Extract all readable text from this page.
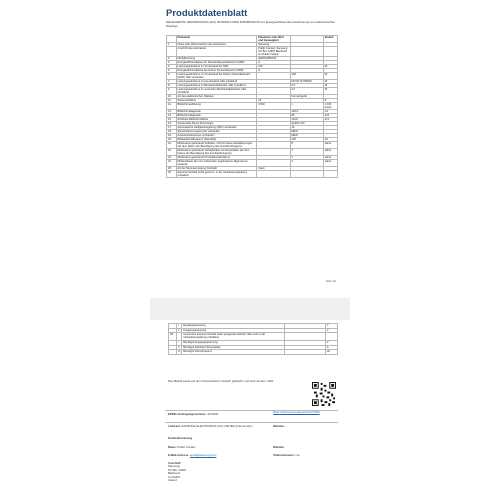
Produktdatenblatt
DELEGIERTE VERORDNUNG (EU) 2019/2013 DER KOMMISSION zur Energieeffizienzkennzeichnung von elektronischen Displays
	Parameter	Parameter oder Wert und Genauigkeit		Einheit
1.	Name oder Warenzeichen des Lieferanten	Samsung		
	Anschrift des Lieferanten	Public Contact, Samsung PO Box 12987 Blackrock Co Dublin Ireland		
2.	Modellkennung	QE65QN85AAT		
3.	Energieeffizienzklasse für Standarddynamikbereich (SDR)	G		
4.	Leistungsaufnahme im On-Zustand bei SDR	102		W
5.	Energieeffizienzklasse bei hohem Dynamikbereich (HDR)	G		
6.	Leistungsaufnahme im On-Zustand bei hohem Dynamikbereich (HDR), falls vorhanden		190	W
7.	Leistungsaufnahme im Aus-Zustand, falls zutreffend		NICHT ZUTREFF	W
8.	Leistungsaufnahme im Bereitschaftsbetrieb, falls zutreffend		0,5	W
9.	Leistungsaufnahme im vernetzten Bereitschaftsbetrieb, falls zutreffend		2,0	W
10.	Art des elektronischen Displays		Fernsehgerät	
11.	Seitenverhältnis	16	:	9
12.	Bildschirmauflösung	3 840	x	2 160 pixels
13.	Bildschirmdiagonale		163,9	cm
14.	Bildschirmdiagonale		65	Zoll
15.	Sichtbare Bildschirmfläche		114,8	dm²
16.	Verwendete Panel-Technologie		QLED LCD	
17.	Automatische Helligkeitsregelung (ABC) vorhanden		JA	
18.	Spracherkennungssensor vorhanden		NEIN	
19.	Anwesenheitssensor vorhanden		NEIN	
20.	Bildwiederholfrequenz (Standard)		120	Hz
21.	Mindestens garantierte Software- und Firmware-Aktualisierungen (ab dem Datum der Beendigung des Inverkehrbringens):		8	Jahre
22.	Mindestens garantierte Verfügbarkeit von Ersatzteilen (ab dem Datum der Beendigung des Inverkehrbringens):		7	Jahre
23.	Mindestens garantierter Produktkundendienst		7	Jahre
24.	Mindestdauer der vom Lieferanten angebotenen allgemeinen Garantie		2	Jahre
25.	Art der Stromversorgung (Netzteil)	Intern		
26.	Externes Netzteil (nicht genormt, in der Verkaufsverpackung enthalten)			
Seite 1/2
	i	Eingangsspannung		V
	ii	Ausgangsspannung		V
28.		Genormtes externes Netzteil (oder geeignetes Netzteil, falls nicht in der Verkaufsverpackung enthalten)		
	i	Benötigte Ausgangsspannung		V
	ii	Benötigte lieferbare Stromstärke		A
	iii	Benötigte Stromfrequenz		Hz
Das Modell wurde auf dem Unionsmarkt in Verkehr gebracht, und zwar ab dem: 2021
EPREL-Eintragungsnummer: 1472293	https://eprel.ec.europa.eu/qr/1472293
Lieferant: SAMSUNG ELECTRONICS (UK) LIMITED (Internet Rel.)	Website:
Kundenbetreuung
Name: Public Contact	Website:
E-Mail-Adresse: eprel@samsung.com	Telefonnummer: n/a
Anschrift:
Samsung
PO Box 12987
Blackrock
Co Dublin
Ireland
